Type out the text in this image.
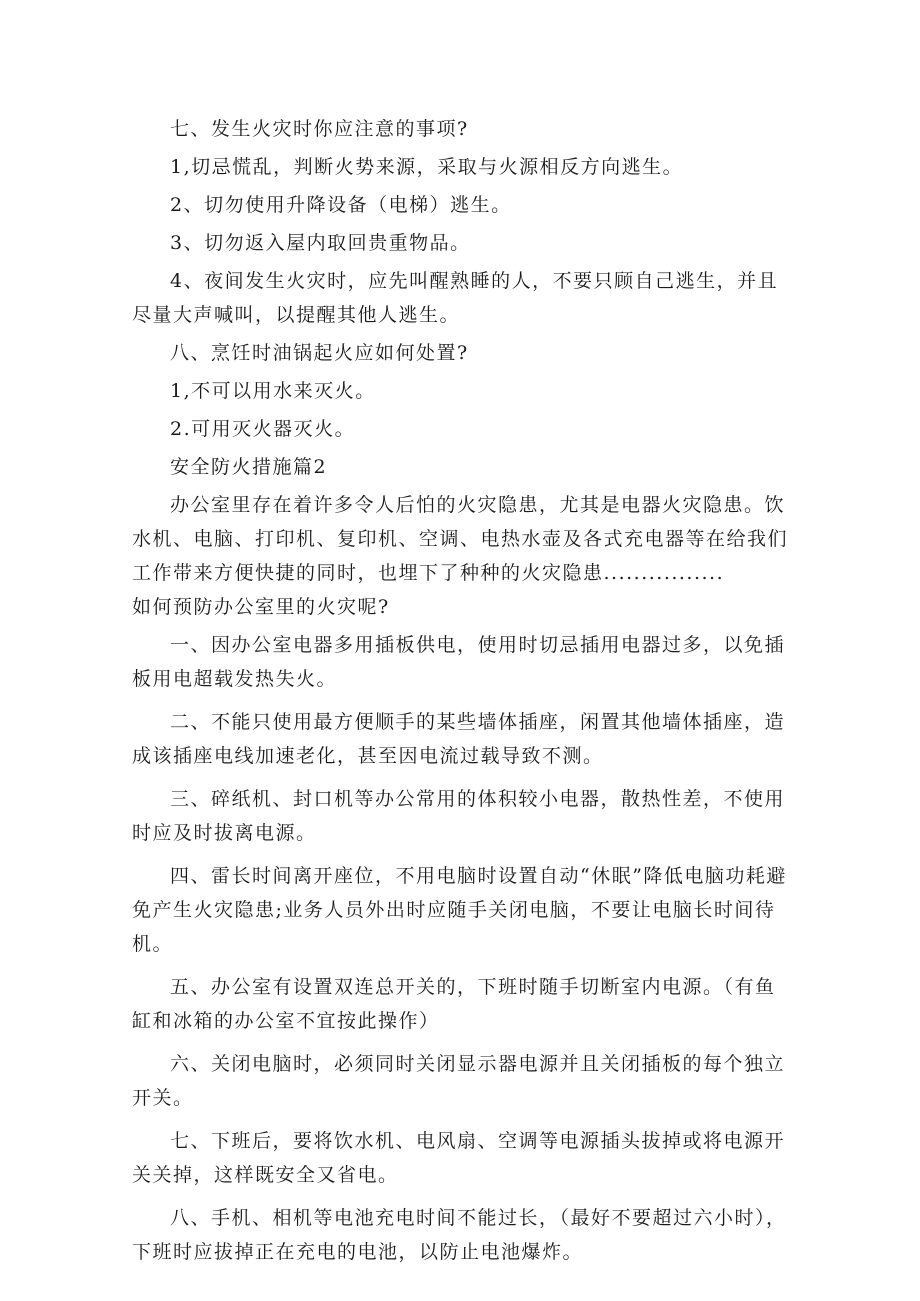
七、发生火灾时你应注意的事项?

1,切忌慌乱，判断火势来源，采取与火源相反方向逃生。

2、切勿使用升降设备（电梯）逃生。

3、切勿返入屋内取回贵重物品。

4、夜间发生火灾时，应先叫醒熟睡的人，不要只顾自己逃生，并且尽量大声喊叫，以提醒其他人逃生。

八、烹饪时油锅起火应如何处置?

1,不可以用水来灭火。

2.可用灭火器灭火。

安全防火措施篇2

办公室里存在着许多令人后怕的火灾隐患，尤其是电器火灾隐患。饮水机、电脑、打印机、复印机、空调、电热水壶及各式充电器等在给我们工作带来方便快捷的同时，也埋下了种种的火灾隐患................

如何预防办公室里的火灾呢?

一、因办公室电器多用插板供电，使用时切忌插用电器过多，以免插板用电超载发热失火。

二、不能只使用最方便顺手的某些墙体插座，闲置其他墙体插座，造成该插座电线加速老化，甚至因电流过载导致不测。

三、碎纸机、封口机等办公常用的体积较小电器，散热性差，不使用时应及时拔离电源。

四、雷长时间离开座位，不用电脑时设置自动“休眠”降低电脑功耗避免产生火灾隐患;业务人员外出时应随手关闭电脑，不要让电脑长时间待机。

五、办公室有设置双连总开关的，下班时随手切断室内电源。（有鱼缸和冰箱的办公室不宜按此操作）

六、关闭电脑时，必须同时关闭显示器电源并且关闭插板的每个独立开关。

七、下班后，要将饮水机、电风扇、空调等电源插头拔掉或将电源开关关掉，这样既安全又省电。

八、手机、相机等电池充电时间不能过长，（最好不要超过六小时），下班时应拔掉正在充电的电池，以防止电池爆炸。
